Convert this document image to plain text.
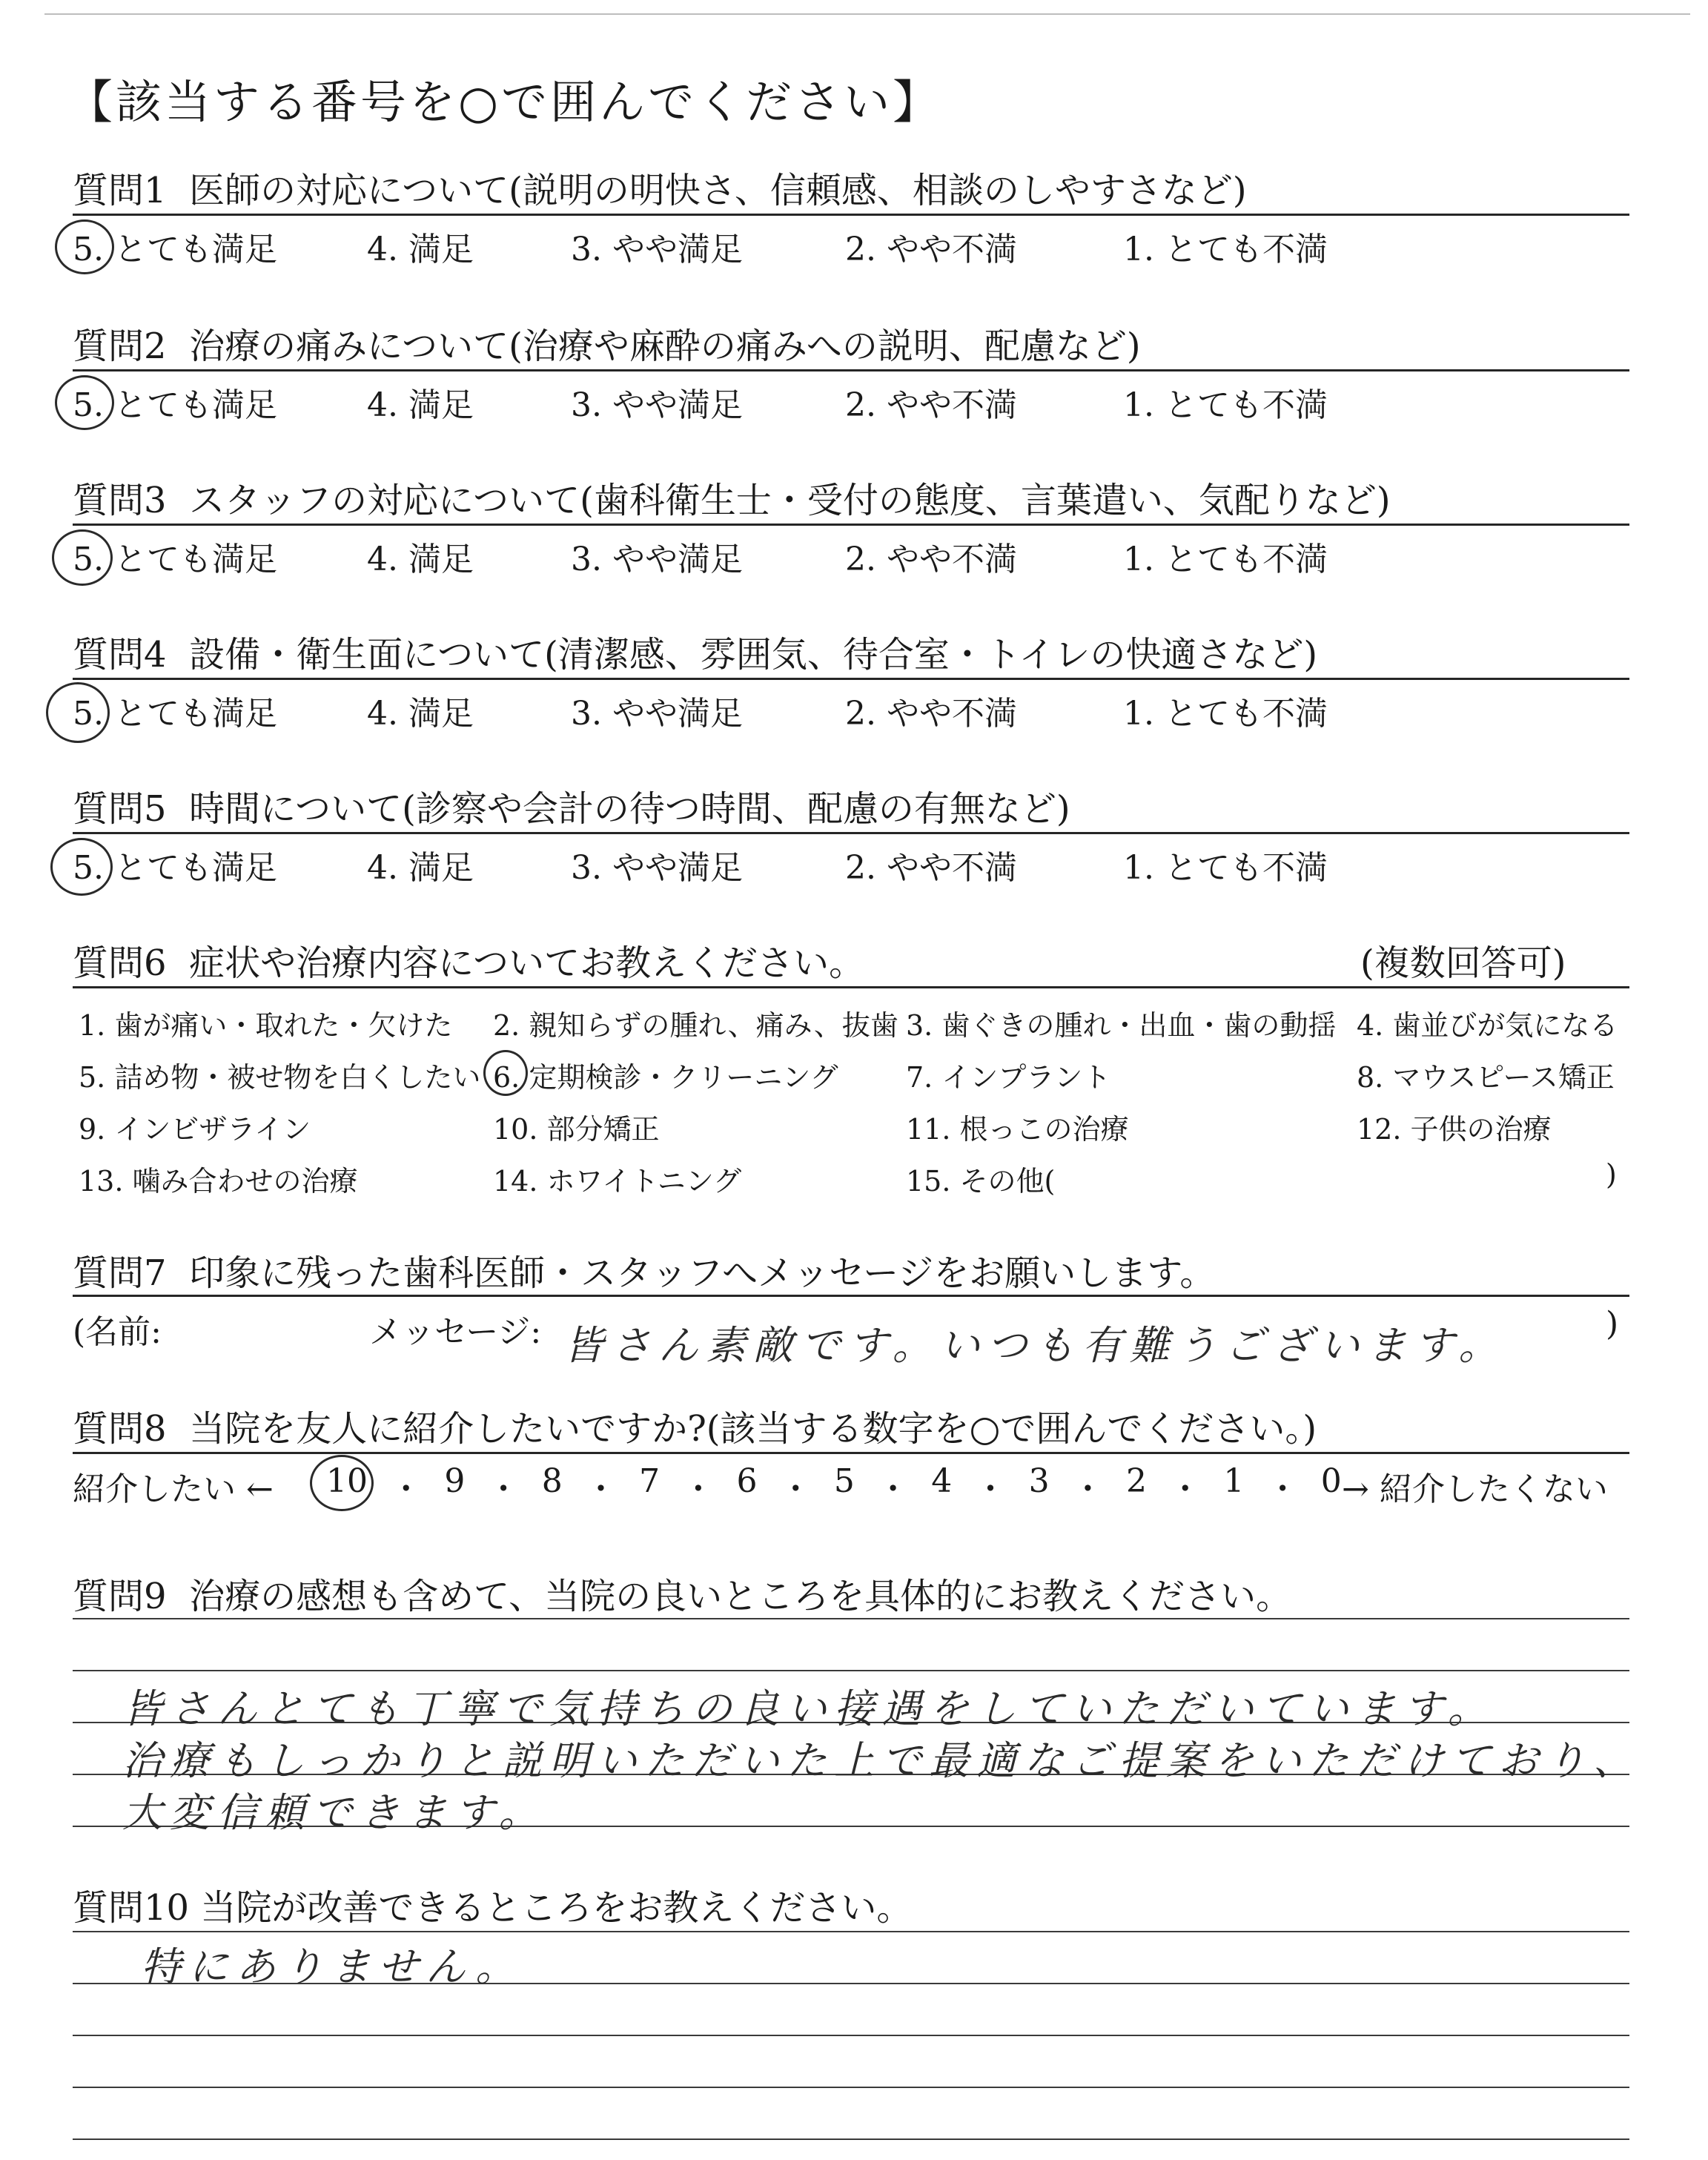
【該当する番号を○で囲んでください】
質問1 医師の対応について(説明の明快さ、信頼感、相談のしやすさなど)
5. とても満足	4. 満足	3. やや満足	2. やや不満	1. とても不満
質問2 治療の痛みについて(治療や麻酔の痛みへの説明、配慮など)
5. とても満足	4. 満足	3. やや満足	2. やや不満	1. とても不満
質問3 スタッフの対応について(歯科衛生士・受付の態度、言葉遣い、気配りなど)
5. とても満足	4. 満足	3. やや満足	2. やや不満	1. とても不満
質問4 設備・衛生面について(清潔感、雰囲気、待合室・トイレの快適さなど)
5. とても満足	4. 満足	3. やや満足	2. やや不満	1. とても不満
質問5 時間について(診察や会計の待つ時間、配慮の有無など)
5. とても満足	4. 満足	3. やや満足	2. やや不満	1. とても不満
質問6 症状や治療内容についてお教えください。	(複数回答可)
1. 歯が痛い・取れた・欠けた 2. 親知らずの腫れ、痛み、抜歯 3. 歯ぐきの腫れ・出血・歯の動揺 4. 歯並びが気になる
5. 詰め物・被せ物を白くしたい 6. 定期検診・クリーニング 7. インプラント	8. マウスピース矯正
9. インビザライン	10. 部分矯正	11. 根っこの治療	12. 子供の治療
13. 噛み合わせの治療	14. ホワイトニング	15. その他(	)
質問7 印象に残った歯科医師・スタッフへメッセージをお願いします。
(名前:	メッセージ: 皆さん素敵です。いつも有難うございます。	)
質問8 当院を友人に紹介したいですか?(該当する数字を○で囲んでください。)
紹介したい ← 10 ・ 9 ・ 8 ・ 7 ・ 6 ・ 5 ・ 4 ・ 3 ・ 2 ・ 1 ・ 0 → 紹介したくない
質問9 治療の感想も含めて、当院の良いところを具体的にお教えください。
皆さんとても丁寧で気持ちの良い接遇をしていただいています。
治療もしっかりと説明いただいた上で最適なご提案をいただけており、
大変信頼できます。
質問10 当院が改善できるところをお教えください。
特にありません。
